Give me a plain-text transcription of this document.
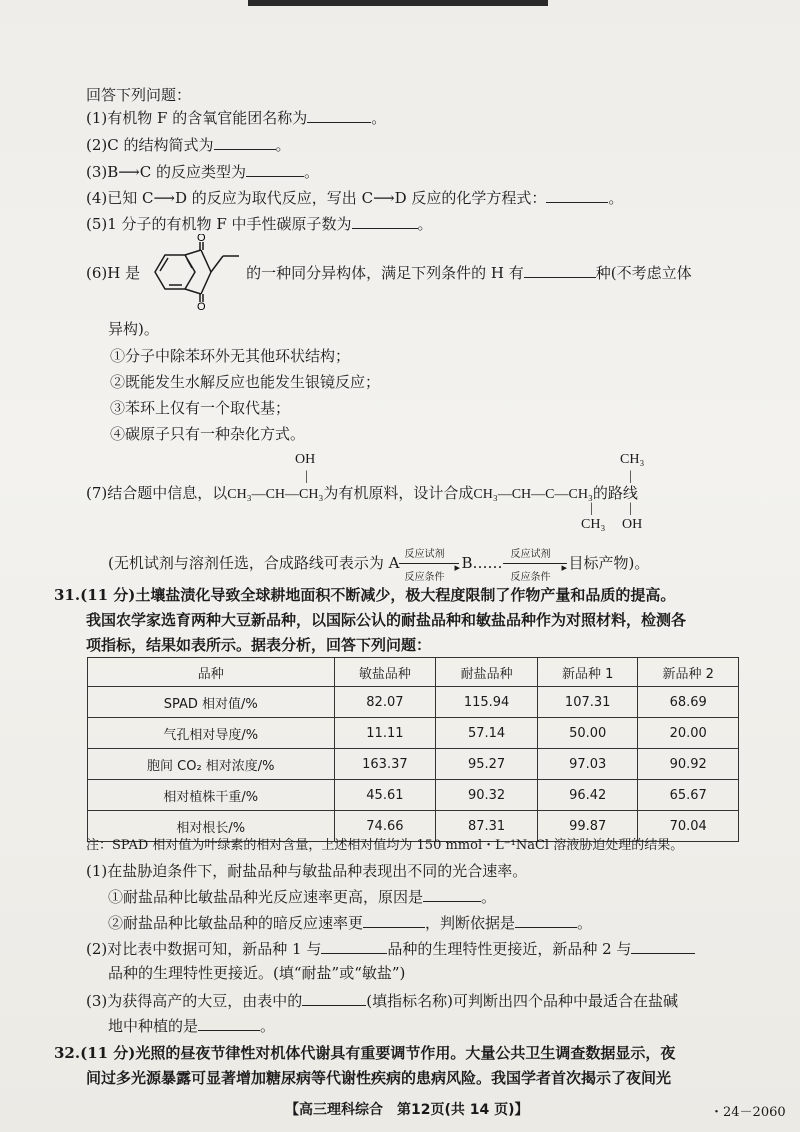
回答下列问题：
(1)有机物 F 的含氧官能团名称为	。
(2)C 的结构简式为	。
(3)B⟶C 的反应类型为	。
(4)已知 C⟶D 的反应为取代反应，写出 C⟶D 反应的化学方程式：	。
(5)1 分子的有机物 F 中手性碳原子数为	。
(6)H 是	的一种同分异构体，满足下列条件的 H 有	种(不考虑立体
O
O
异构)。
①分子中除苯环外无其他环状结构；
②既能发生水解反应也能发生银镜反应；
③苯环上仅有一个取代基；
④碳原子只有一种杂化方式。
OH
|
CH₃
|
(7)结合题中信息，以CH₃—CH—CH₃为有机原料，设计合成CH₃—CH—C—CH₃的路线
|	|
CH₃ OH
(无机试剂与溶剂任选，合成路线可表示为 A 反应试剂
▸
反应条件
B…… 反应试剂
▸
反应条件
目标产物)。
31.(11 分)土壤盐渍化导致全球耕地面积不断减少，极大程度限制了作物产量和品质的提高。
我国农学家选育两种大豆新品种，以国际公认的耐盐品种和敏盐品种作为对照材料，检测各
项指标，结果如表所示。据表分析，回答下列问题：
品种	敏盐品种	耐盐品种	新品种 1	新品种 2
SPAD 相对值/%	82.07	115.94	107.31	68.69
气孔相对导度/%	11.11	57.14	50.00	20.00
胞间 CO₂ 相对浓度/%	163.37	95.27	97.03	90.92
相对植株干重/%	45.61	90.32	96.42	65.67
相对根长/%	74.66	87.31	99.87	70.04
注：SPAD 相对值为叶绿素的相对含量，上述相对值均为 150 mmol・L⁻¹NaCl 溶液胁迫处理的结果。
(1)在盐胁迫条件下，耐盐品种与敏盐品种表现出不同的光合速率。
①耐盐品种比敏盐品种光反应速率更高，原因是	。
②耐盐品种比敏盐品种的暗反应速率更	，判断依据是	。
(2)对比表中数据可知，新品种 1 与	品种的生理特性更接近，新品种 2 与
品种的生理特性更接近。(填“耐盐”或“敏盐”)
(3)为获得高产的大豆，由表中的	(填指标名称)可判断出四个品种中最适合在盐碱
地中种植的是	。
32.(11 分)光照的昼夜节律性对机体代谢具有重要调节作用。大量公共卫生调查数据显示，夜
间过多光源暴露可显著增加糖尿病等代谢性疾病的患病风险。我国学者首次揭示了夜间光
【高三理科综合　第12页(共 14 页)】	・24－2060
